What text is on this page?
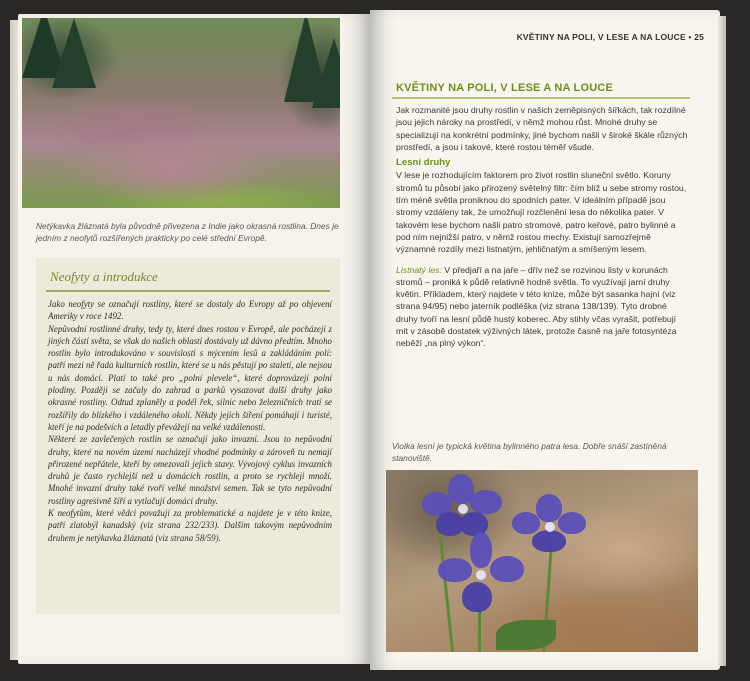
Netýkavka žláznatá byla původně přivezena z Indie jako okrasná rostlina. Dnes je jedním z neofytů rozšířených prakticky po celé střední Evropě.
Neofyty a introdukce

Jako neofyty se označují rostliny, které se dostaly do Evropy až po objevení Ameriky v roce 1492.

Nepůvodní rostlinné druhy, tedy ty, které dnes rostou v Evropě, ale pocházejí z jiných částí světa, se však do našich oblastí dostávaly už dávno předtím. Mnoho rostlin bylo introdukováno v souvislosti s mýcením lesů a zakládáním polí: patří mezi ně řada kulturních rostlin, které se u nás pěstují po staletí, ale nejsou u nás domácí. Platí to také pro „polní plevele“, které doprovázejí polní plodiny. Později se začaly do zahrad a parků vysazovat další druhy jako okrasné rostliny. Odtud zplaněly a podél řek, silnic nebo železničních tratí se rozšířily do blízkého i vzdáleného okolí. Někdy jejich šíření pomáhají i turisté, kteří je na podešvích a letadly převážejí na velké vzdálenosti.

Některé ze zavlečených rostlin se označují jako invazní. Jsou to nepůvodní druhy, které na novém území nacházejí vhodné podmínky a zároveň tu nemají přirozené nepřátele, kteří by omezovali jejich stavy. Vývojový cyklus invazních druhů je často rychlejší než u domácích rostlin, a proto se rychleji množí. Mnohé invazní druhy také tvoří velké množství semen. Tak se tyto nepůvodní rostliny agresivně šíří a vytlačují domácí druhy.

K neofytům, které vědci považují za problematické a najdete je v této knize, patří zlatobýl kanadský (viz strana 232/233). Dalším takovým nepůvodním druhem je netýkavka žláznatá (viz strana 58/59).

KVĚTINY NA POLI, V LESE A NA LOUCE • 25
KVĚTINY NA POLI, V LESE A NA LOUCE

Jak rozmanité jsou druhy rostlin v našich zeměpisných šířkách, tak rozdílné jsou jejich nároky na prostředí, v němž mohou růst. Mnohé druhy se specializují na konkrétní podmínky, jiné bychom našli v široké škále různých prostředí, a jsou i takové, které rostou téměř všude.

Lesní druhy

V lese je rozhodujícím faktorem pro život rostlin sluneční světlo. Koruny stromů tu působí jako přirozený světelný filtr: čím blíž u sebe stromy rostou, tím méně světla proniknou do spodních pater. V ideálním případě jsou stromy vzdáleny tak, že umožňují rozčlenění lesa do několika pater. V takovém lese bychom našli patro stromové, patro keřové, patro bylinné a pod ním nejnižší patro, v němž rostou mechy. Existují samozřejmě významné rozdíly mezi listnatým, jehličnatým a smíšeným lesem.

Listnatý les: V předjaří a na jaře – dřív než se rozvinou listy v korunách stromů – proniká k půdě relativně hodně světla. To využívají jarní druhy květin. Příkladem, který najdete v této knize, může být sasanka hajní (viz strana 94/95) nebo jaterník podléška (viz strana 138/139). Tyto drobné druhy tvoří na lesní půdě hustý koberec. Aby stihly včas vyrašit, potřebují mít v zásobě dostatek výživných látek, protože časně na jaře fotosyntéza neběží „na plný výkon“.

Violka lesní je typická květina bylinného patra lesa. Dobře snáší zastíněná stanoviště.
